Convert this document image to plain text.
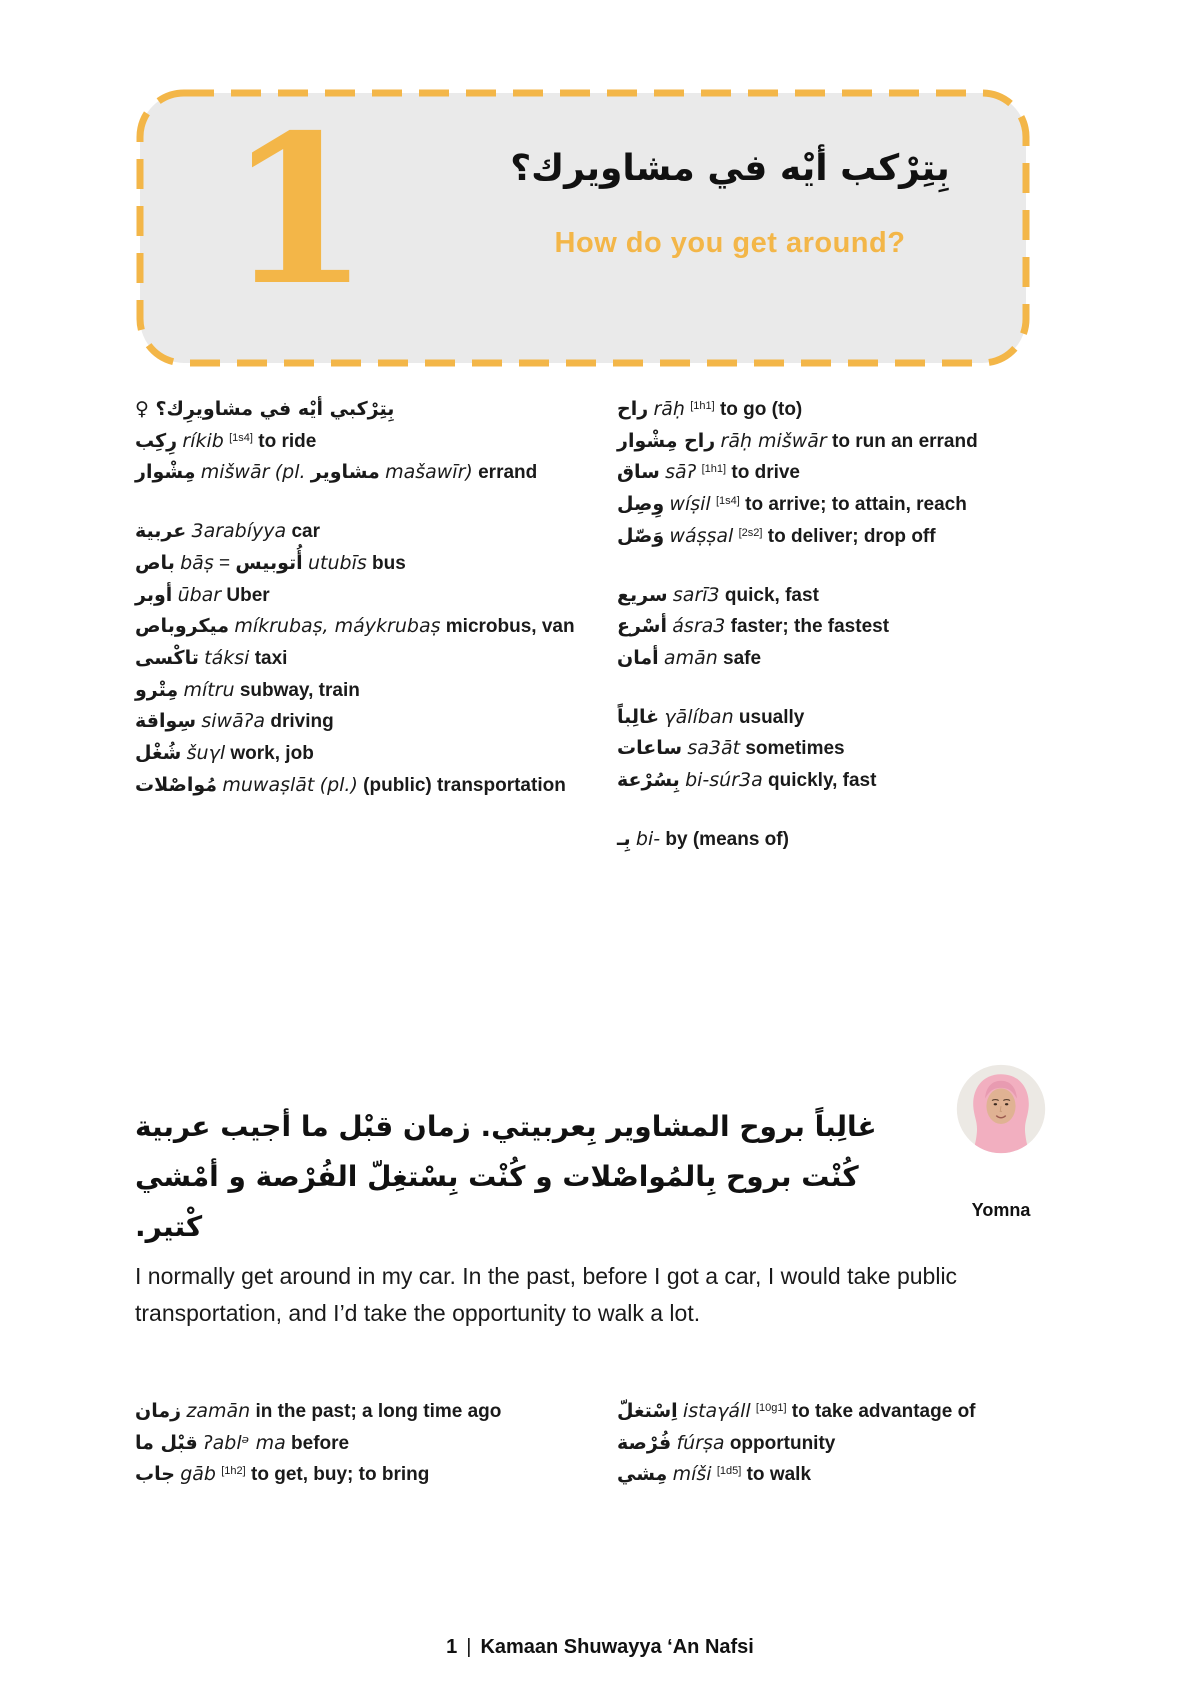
1	بِتِرْكب أيْه في مشاويرك؟
How do you get around?
بِتِرْكبي أيْه في مشاويرِك؟ ♀
رِكِب ríkib [1s4] to ride
مِشْوار mišwār (pl. مشاوير mašawīr) errand
عربية 3arabíyya car
باص bāṣ = أُتوبيس utubīs bus
أوبر ūbar Uber
ميكروباص míkrubaṣ, máykrubaṣ microbus, van
تاكْسى táksi taxi
مِتْرو mítru subway, train
سِواقة siwāʔa driving
شُغْل šuγl work, job
مُواصْلات muwaṣlāt (pl.) (public) transportation
راح rāḥ [1h1] to go (to)
راح مِشْوار rāḥ mišwār to run an errand
ساق sāʔ [1h1] to drive
وِصِل wíṣil [1s4] to arrive; to attain, reach
وَصّل wáṣṣal [2s2] to deliver; drop off
سريع sarī3 quick, fast
أسْرع ásra3 faster; the fastest
أمان amān safe
غالِباً γālíban usually
ساعات sa3āt sometimes
بِسُرْعة bi-súr3a quickly, fast
بِـ bi- by (means of)
غالِباً بروح المشاوير بِعربيتي. زمان قبْل ما أجيب عربية كُنْت بروح بِالمُواصْلات و كُنْت بِسْتغِلّ الفُرْصة و أمْشي كْتير.	Yomna

I normally get around in my car. In the past, before I got a car, I would take public transportation, and I’d take the opportunity to walk a lot.

زمان zamān in the past; a long time ago
قبْل ما ʔablᵊ ma before
جاب gāb [1h2] to get, buy; to bring
اِسْتغلّ istaγáll [10g1] to take advantage of
فُرْصة fúrṣa opportunity
مِشي míši [1d5] to walk
1 | Kamaan Shuwayya ‘An Nafsi
